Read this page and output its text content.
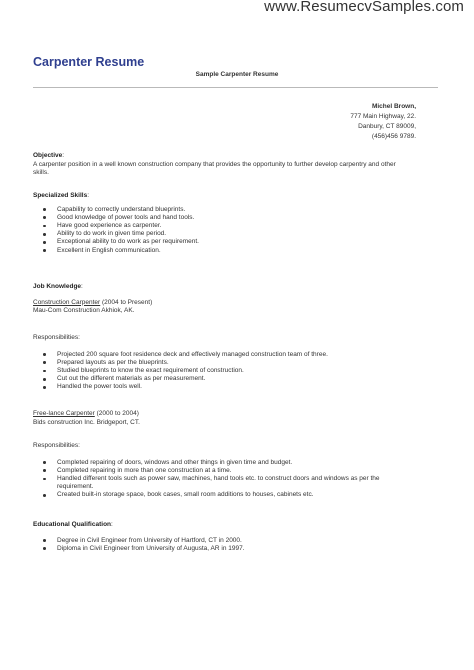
www.ResumecvSamples.com
Carpenter Resume
Sample Carpenter Resume
Michel Brown,
777 Main Highway, 22.
Danbury, CT 89009,
(456)456 9789.
Objective:
A carpenter position in a well known construction company that provides the opportunity to further develop carpentry and other skills.
Specialized Skills:
Capability to correctly understand blueprints.
Good knowledge of power tools and hand tools.
Have good experience as carpenter.
Ability to do work in given time period.
Exceptional ability to do work as per requirement.
Excellent in English communication.
Job Knowledge:
Construction Carpenter (2004 to Present)
Mau-Com Construction Akhiok, AK.
Responsibilities:
Projected 200 square foot residence deck and effectively managed construction team of three.
Prepared layouts as per the blueprints.
Studied blueprints to know the exact requirement of construction.
Cut out the different materials as per measurement.
Handled the power tools well.
Free-lance Carpenter (2000 to 2004)
Bids construction Inc. Bridgeport, CT.
Responsibilities:
Completed repairing of doors, windows and other things in given time and budget.
Completed repairing in more than one construction at a time.
Handled different tools such as power saw, machines, hand tools etc. to construct doors and windows as per the requirement.
Created built-in storage space, book cases, small room additions to houses, cabinets etc.
Educational Qualification:
Degree in Civil Engineer from University of Hartford, CT in 2000.
Diploma in Civil Engineer from University of Augusta, AR in 1997.
